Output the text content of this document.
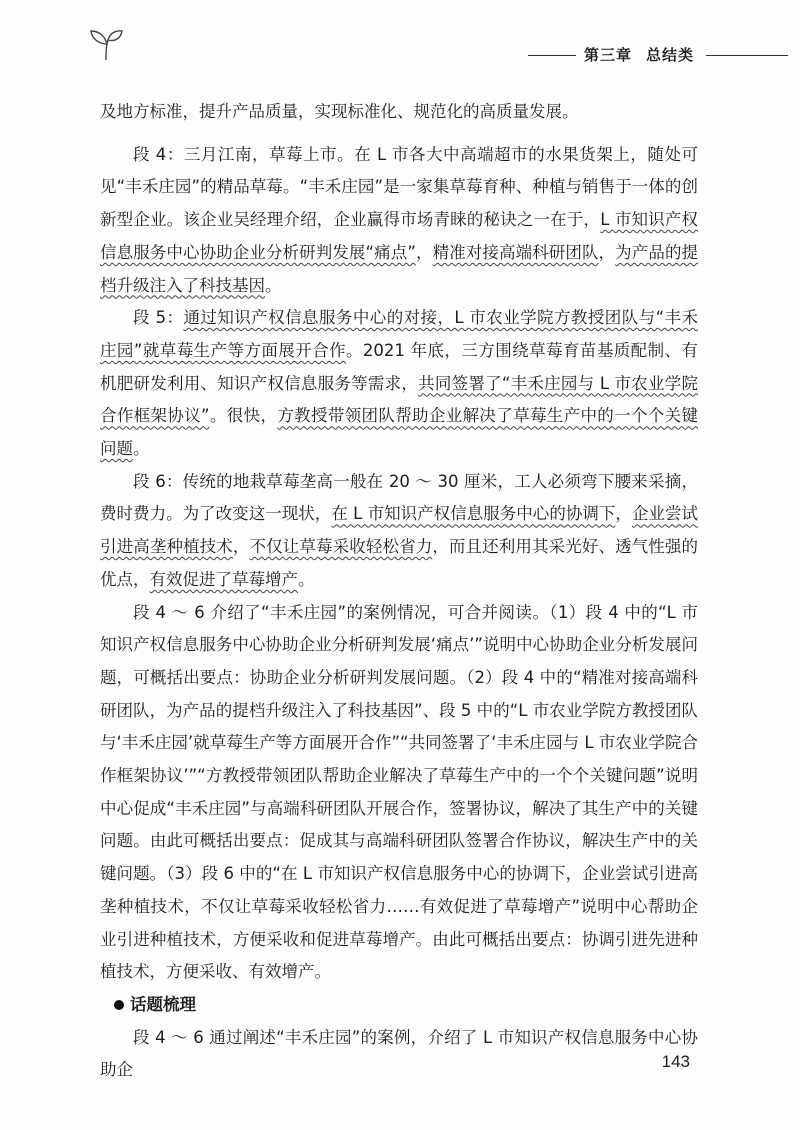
第三章 总结类

及地方标准，提升产品质量，实现标准化、规范化的高质量发展。

段 4：三月江南，草莓上市。在 L 市各大中高端超市的水果货架上，随处可见“丰禾庄园”的精品草莓。“丰禾庄园”是一家集草莓育种、种植与销售于一体的创新型企业。该企业吴经理介绍，企业赢得市场青睐的秘诀之一在于，L 市知识产权信息服务中心协助企业分析研判发展“痛点”，精准对接高端科研团队，为产品的提档升级注入了科技基因。

段 5：通过知识产权信息服务中心的对接，L 市农业学院方教授团队与“丰禾庄园”就草莓生产等方面展开合作。2021 年底，三方围绕草莓育苗基质配制、有机肥研发利用、知识产权信息服务等需求，共同签署了“丰禾庄园与 L 市农业学院合作框架协议”。很快，方教授带领团队帮助企业解决了草莓生产中的一个个关键问题。

段 6：传统的地栽草莓垄高一般在 20 ～ 30 厘米，工人必须弯下腰来采摘，费时费力。为了改变这一现状，在 L 市知识产权信息服务中心的协调下，企业尝试引进高垄种植技术，不仅让草莓采收轻松省力，而且还利用其采光好、透气性强的优点，有效促进了草莓增产。

段 4 ～ 6 介绍了“丰禾庄园”的案例情况，可合并阅读。（1）段 4 中的“L 市知识产权信息服务中心协助企业分析研判发展‘痛点’”说明中心协助企业分析发展问题，可概括出要点：协助企业分析研判发展问题。（2）段 4 中的“精准对接高端科研团队，为产品的提档升级注入了科技基因”、段 5 中的“L 市农业学院方教授团队与‘丰禾庄园’就草莓生产等方面展开合作”“共同签署了‘丰禾庄园与 L 市农业学院合作框架协议’”“方教授带领团队帮助企业解决了草莓生产中的一个个关键问题”说明中心促成“丰禾庄园”与高端科研团队开展合作，签署协议，解决了其生产中的关键问题。由此可概括出要点：促成其与高端科研团队签署合作协议，解决生产中的关键问题。（3）段 6 中的“在 L 市知识产权信息服务中心的协调下，企业尝试引进高垄种植技术，不仅让草莓采收轻松省力……有效促进了草莓增产”说明中心帮助企业引进种植技术，方便采收和促进草莓增产。由此可概括出要点：协调引进先进种植技术，方便采收、有效增产。

话题梳理

段 4 ～ 6 通过阐述“丰禾庄园”的案例，介绍了 L 市知识产权信息服务中心协助企	143
